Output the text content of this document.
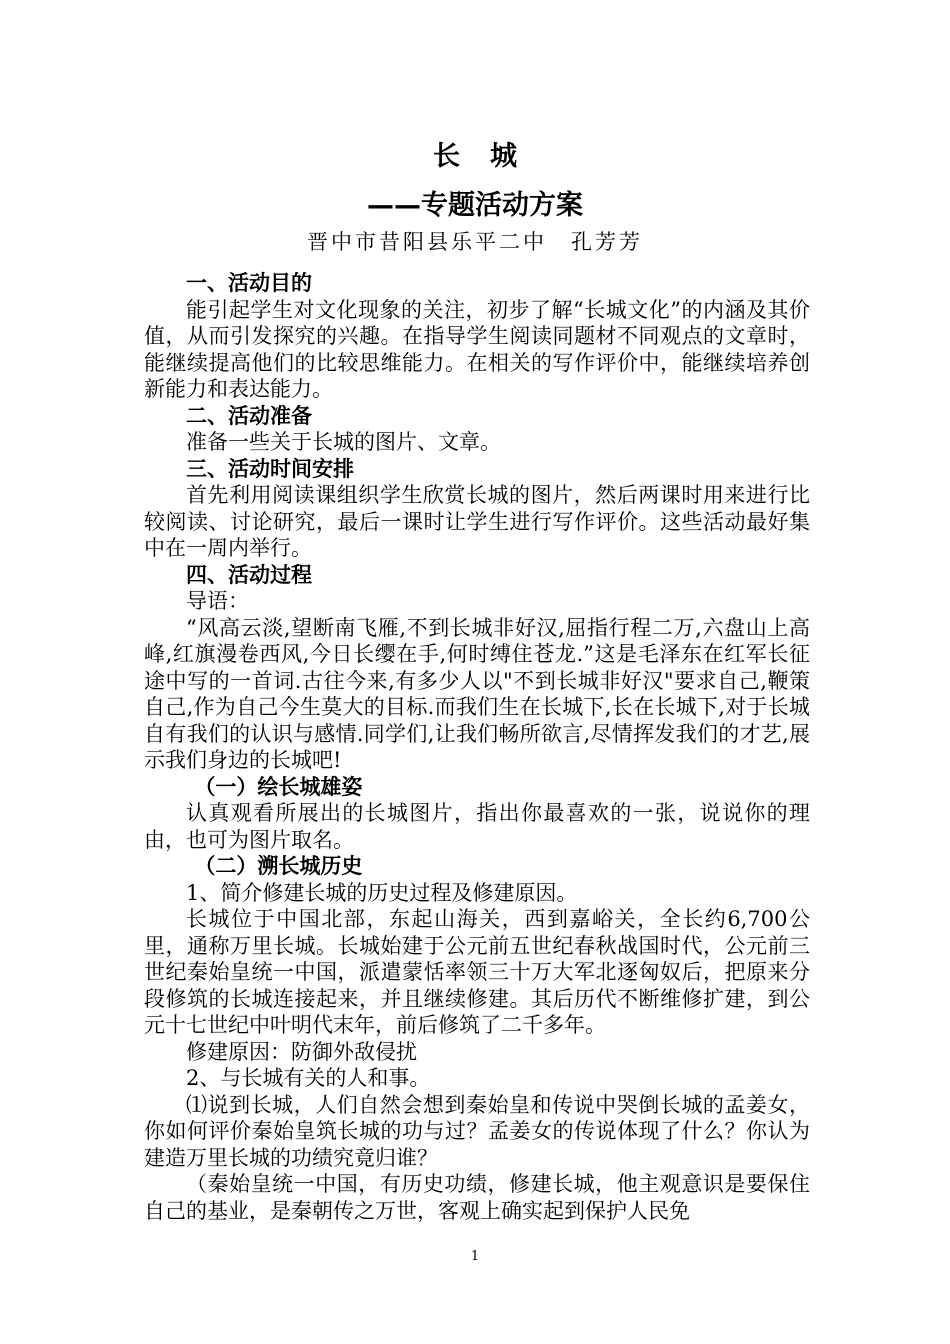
长城
——专题活动方案
晋中市昔阳县乐平二中　孔芳芳

一、活动目的

能引起学生对文化现象的关注，初步了解“长城文化”的内涵及其价值，从而引发探究的兴趣。在指导学生阅读同题材不同观点的文章时，能继续提高他们的比较思维能力。在相关的写作评价中，能继续培养创新能力和表达能力。

二、活动准备

准备一些关于长城的图片、文章。

三、活动时间安排

首先利用阅读课组织学生欣赏长城的图片，然后两课时用来进行比较阅读、讨论研究，最后一课时让学生进行写作评价。这些活动最好集中在一周内举行。

四、活动过程

导语：

“风高云淡,望断南飞雁,不到长城非好汉,屈指行程二万,六盘山上高峰,红旗漫卷西风,今日长缨在手,何时缚住苍龙.”这是毛泽东在红军长征途中写的一首词.古往今来,有多少人以"不到长城非好汉"要求自己,鞭策自己,作为自己今生莫大的目标.而我们生在长城下,长在长城下,对于长城自有我们的认识与感情.同学们,让我们畅所欲言,尽情挥发我们的才艺,展示我们身边的长城吧!

（一）绘长城雄姿

认真观看所展出的长城图片，指出你最喜欢的一张，说说你的理由，也可为图片取名。

（二）溯长城历史

1、简介修建长城的历史过程及修建原因。

长城位于中国北部，东起山海关，西到嘉峪关，全长约6,700公里，通称万里长城。长城始建于公元前五世纪春秋战国时代，公元前三世纪秦始皇统一中国，派遣蒙恬率领三十万大军北逐匈奴后，把原来分段修筑的长城连接起来，并且继续修建。其后历代不断维修扩建，到公元十七世纪中叶明代末年，前后修筑了二千多年。

修建原因：防御外敌侵扰

2、与长城有关的人和事。

⑴说到长城，人们自然会想到秦始皇和传说中哭倒长城的孟姜女，你如何评价秦始皇筑长城的功与过？孟姜女的传说体现了什么？你认为建造万里长城的功绩究竟归谁？

（秦始皇统一中国，有历史功绩，修建长城，他主观意识是要保住自己的基业，是秦朝传之万世，客观上确实起到保护人民免

1
